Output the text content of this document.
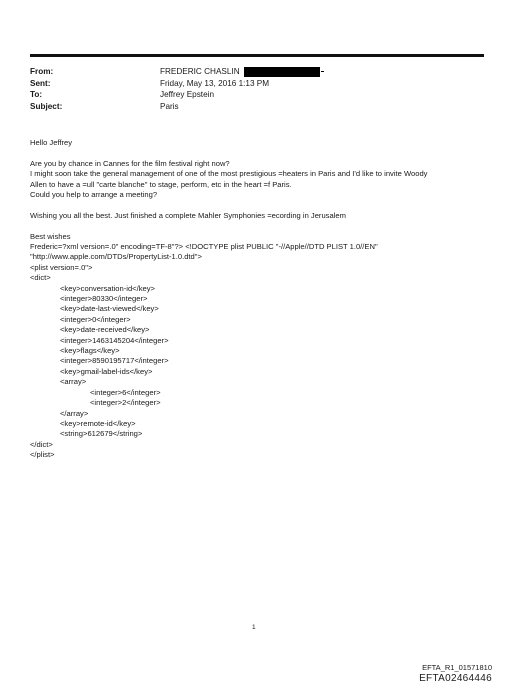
From:	FREDERIC CHASLIN
Sent:	Friday, May 13, 2016 1:13 PM
To:	Jeffrey Epstein
Subject:	Paris

Hello Jeffrey

Are you by chance in Cannes for the film festival right now?

I might soon take the general management of one of the most prestigious =heaters in Paris and I'd like to invite Woody

Allen to have a =ull "carte blanche" to stage, perform, etc in the heart =f Paris.

Could you help to arrange a meeting?

Wishing you all the best. Just finished a complete Mahler Symphonies =ecording in Jerusalem

Best wishes

Frederic=?xml version=.0" encoding=TF-8"?> <!DOCTYPE plist PUBLIC "-//Apple//DTD PLIST 1.0//EN"
"http://www.apple.com/DTDs/PropertyList-1.0.dtd">
<plist version=.0">
<dict>
<key>conversation-id</key>
<integer>80330</integer>
<key>date-last-viewed</key>
<integer>0</integer>
<key>date-received</key>
<integer>1463145204</integer>
<key>flags</key>
<integer>8590195717</integer>
<key>gmail-label-ids</key>
<array>
<integer>6</integer>
<integer>2</integer>
</array>
<key>remote-id</key>
<string>612679</string>
</dict>
</plist>
1
EFTA_R1_01571810
EFTA02464446
